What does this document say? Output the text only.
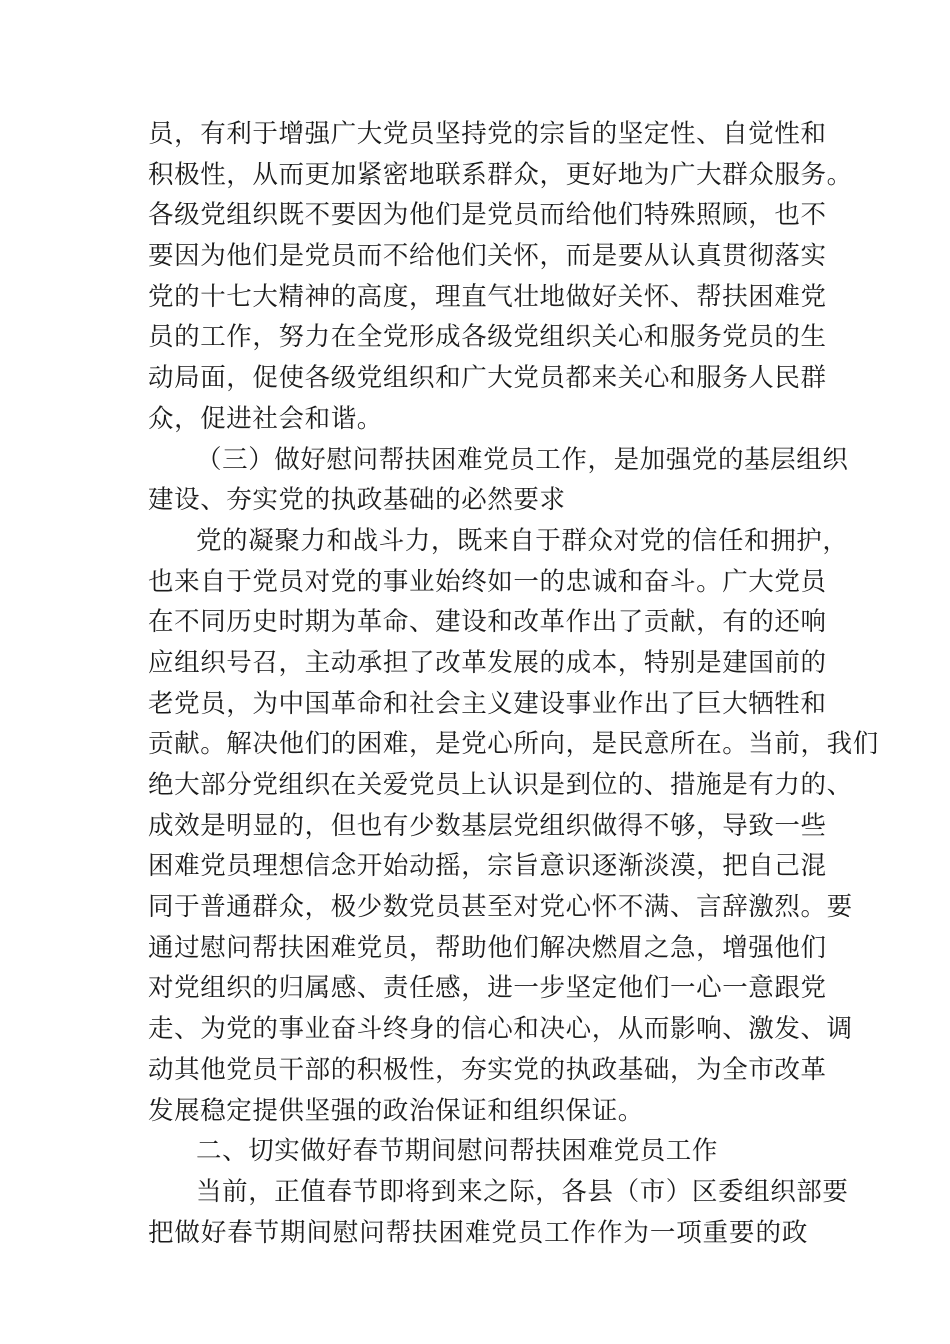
员，有利于增强广大党员坚持党的宗旨的坚定性、自觉性和
积极性，从而更加紧密地联系群众，更好地为广大群众服务。
各级党组织既不要因为他们是党员而给他们特殊照顾，也不
要因为他们是党员而不给他们关怀，而是要从认真贯彻落实
党的十七大精神的高度，理直气壮地做好关怀、帮扶困难党
员的工作，努力在全党形成各级党组织关心和服务党员的生
动局面，促使各级党组织和广大党员都来关心和服务人民群
众，促进社会和谐。
（三）做好慰问帮扶困难党员工作，是加强党的基层组织
建设、夯实党的执政基础的必然要求
党的凝聚力和战斗力，既来自于群众对党的信任和拥护，
也来自于党员对党的事业始终如一的忠诚和奋斗。广大党员
在不同历史时期为革命、建设和改革作出了贡献，有的还响
应组织号召，主动承担了改革发展的成本，特别是建国前的
老党员，为中国革命和社会主义建设事业作出了巨大牺牲和
贡献。解决他们的困难，是党心所向，是民意所在。当前，我们
绝大部分党组织在关爱党员上认识是到位的、措施是有力的、
成效是明显的，但也有少数基层党组织做得不够，导致一些
困难党员理想信念开始动摇，宗旨意识逐渐淡漠，把自己混
同于普通群众，极少数党员甚至对党心怀不满、言辞激烈。要
通过慰问帮扶困难党员，帮助他们解决燃眉之急，增强他们
对党组织的归属感、责任感，进一步坚定他们一心一意跟党
走、为党的事业奋斗终身的信心和决心，从而影响、激发、调
动其他党员干部的积极性，夯实党的执政基础，为全市改革
发展稳定提供坚强的政治保证和组织保证。
二、切实做好春节期间慰问帮扶困难党员工作
当前，正值春节即将到来之际，各县（市）区委组织部要
把做好春节期间慰问帮扶困难党员工作作为一项重要的政
